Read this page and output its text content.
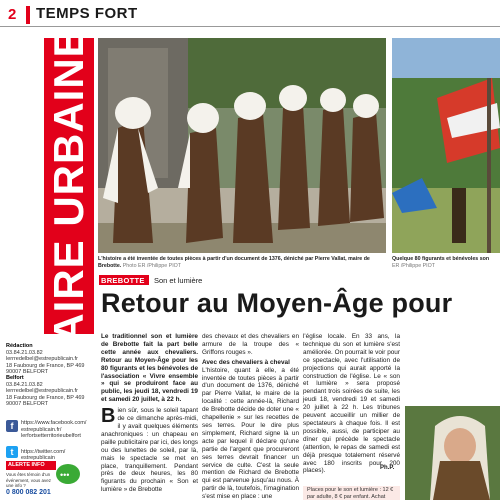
2 TEMPS FORT
AIRE URBAINE
Rédaction
03.84.21.03.82
lerrredelbel@estrepublicain.fr
18 Faubourg de France, BP 469
90007 BELFORT
Belfort
03.84.21.03.82
lerrredelbel@estrepublicain.fr
18 Faubourg de France, BP 469
90007 BELFORT
f https://www.facebook.com/ estrepublicain.fr/ lerfortsetterritorieubelfort
t https://twitter.com/ estrepublicain
ALERTE INFO
Vous êtes témoin d'un événement, vous avez une info ?
0 800 082 201
•••
L'histoire a été inventée de toutes pièces à partir d'un document de 1376, déniché par Pierre Vallat, maire de Brebotte. Photo ER /Philippe PIOT
Quelque 80 figurants et bénévoles son
ER /Philippe PIOT
BREBOTTE Son et lumière
Retour au Moyen-Âge pour
Le traditionnel son et lumière de Brebotte fait la part belle cette année aux chevaliers. Retour au Moyen-Âge pour les 80 figurants et les bénévoles de l'association « Vivre ensemble » qui se produiront face au public, les jeudi 18, vendredi 19 et samedi 20 juillet, à 22 h.
Bien sûr, sous le soleil tapant de ce dimanche après-midi, il y avait quelques éléments anachroniques : un chapeau en paille publicitaire par ici, des longs ou des lunettes de soleil, par là, mais le spectacle se met en place, tranquillement. Pendant près de deux heures, les 80 figurants du prochain « Son et lumière » de Brebotte
des chevaux et des chevaliers en armure de la troupe des « Griffons rouges ».
Avec des chevaliers à cheval
L'histoire, quant à elle, a été inventée de toutes pièces à partir d'un document de 1376, déniché par Pierre Vallat, le maire de la localité : cette année-là, Richard de Brebotte décide de doter une « chapellenie » sur les recettes de ses terres. Pour le dire plus simplement, Richard signe là un acte par lequel il déclare qu'une partie de l'argent que procureront ses terres devrait financer un service de culte. C'est la seule mention de Richard de Brebotte qui est parvenue jusqu'au nous. À partir de là, toutefois, l'imagination s'est mise en place : une
l'église locale. En 33 ans, la technique du son et lumière s'est améliorée. On pourrait le voir pour ce spectacle, avec l'utilisation de projections qui aurait apporté la construction de l'église. Le « son et lumière » sera proposé pendant trois soirées de suite, les jeudi 18, vendredi 19 et samedi 20 juillet à 22 h. Les tribunes peuvent accueillir un millier de spectateurs à chaque fois. Il est possible, aussi, de participer au dîner qui précède le spectacle (attention, le repas de samedi est déjà presque totalement réservé avec 180 inscrits pour 200 places).	Ph.P.
Places pour le son et lumière : 12 € par adulte, 8 € par enfant. Achat
